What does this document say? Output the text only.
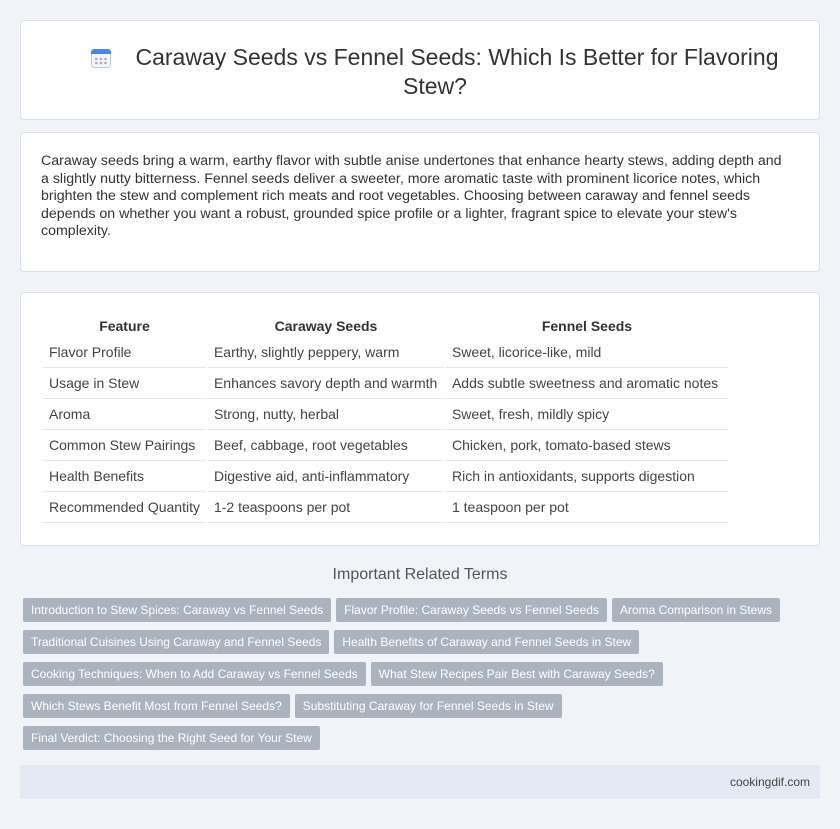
Caraway Seeds vs Fennel Seeds: Which Is Better for Flavoring Stew?

Caraway seeds bring a warm, earthy flavor with subtle anise undertones that enhance hearty stews, adding depth and a slightly nutty bitterness. Fennel seeds deliver a sweeter, more aromatic taste with prominent licorice notes, which brighten the stew and complement rich meats and root vegetables. Choosing between caraway and fennel seeds depends on whether you want a robust, grounded spice profile or a lighter, fragrant spice to elevate your stew's complexity.

Feature	Caraway Seeds	Fennel Seeds
Flavor Profile	Earthy, slightly peppery, warm	Sweet, licorice-like, mild
Usage in Stew	Enhances savory depth and warmth	Adds subtle sweetness and aromatic notes
Aroma	Strong, nutty, herbal	Sweet, fresh, mildly spicy
Common Stew Pairings	Beef, cabbage, root vegetables	Chicken, pork, tomato-based stews
Health Benefits	Digestive aid, anti-inflammatory	Rich in antioxidants, supports digestion
Recommended Quantity	1-2 teaspoons per pot	1 teaspoon per pot
Important Related Terms
Introduction to Stew Spices: Caraway vs Fennel Seeds Flavor Profile: Caraway Seeds vs Fennel Seeds Aroma Comparison in Stews
Traditional Cuisines Using Caraway and Fennel Seeds Health Benefits of Caraway and Fennel Seeds in Stew
Cooking Techniques: When to Add Caraway vs Fennel Seeds What Stew Recipes Pair Best with Caraway Seeds?
Which Stews Benefit Most from Fennel Seeds? Substituting Caraway for Fennel Seeds in Stew
Final Verdict: Choosing the Right Seed for Your Stew
cookingdif.com
